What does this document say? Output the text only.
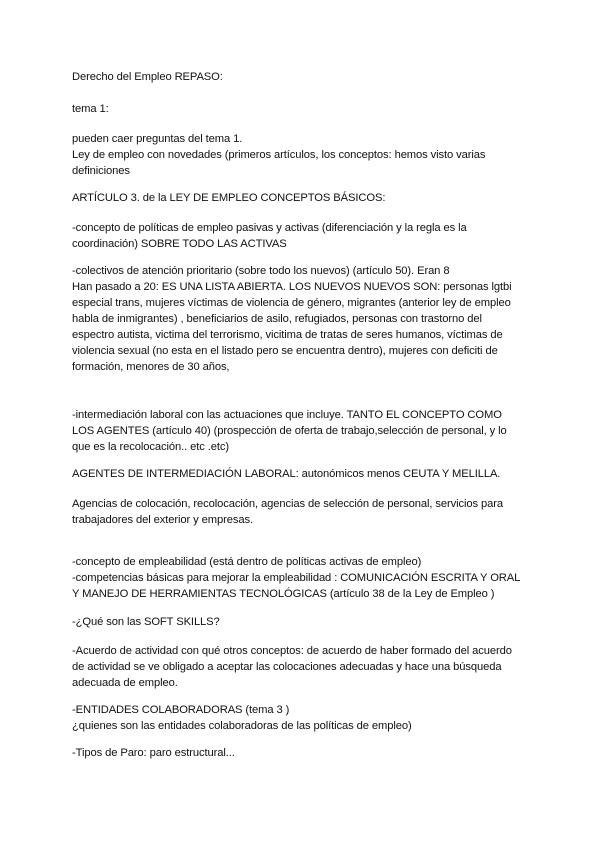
Derecho del Empleo REPASO:
tema 1:
pueden caer preguntas del tema 1.
Ley de empleo con novedades (primeros artículos, los conceptos: hemos visto varias
definiciones
ARTÍCULO 3. de la LEY DE EMPLEO CONCEPTOS BÁSICOS:
-concepto de políticas de empleo pasivas y activas (diferenciación y la regla es la
coordinación) SOBRE TODO LAS ACTIVAS
-colectivos de atención prioritario (sobre todo los nuevos) (artículo 50). Eran 8
Han pasado a 20: ES UNA LISTA ABIERTA. LOS NUEVOS NUEVOS SON: personas lgtbi
especial trans, mujeres víctimas de violencia de género, migrantes (anterior ley de empleo
habla de inmigrantes) , beneficiarios de asilo, refugiados, personas con trastorno del
espectro autista, victima del terrorismo, vicitima de tratas de seres humanos, víctimas de
violencia sexual (no esta en el listado pero se encuentra dentro), mujeres con deficiti de
formación, menores de 30 años,
-intermediación laboral con las actuaciones que incluye. TANTO EL CONCEPTO COMO
LOS AGENTES (artículo 40) (prospección de oferta de trabajo,selección de personal, y lo
que es la recolocación.. etc .etc)
AGENTES DE INTERMEDIACIÓN LABORAL: autonómicos menos CEUTA Y MELILLA.
Agencias de colocación, recolocación, agencias de selección de personal, servicios para
trabajadores del exterior y empresas.
-concepto de empleabilidad (está dentro de políticas activas de empleo)
-competencias básicas para mejorar la empleabilidad : COMUNICACIÓN ESCRITA Y ORAL
Y MANEJO DE HERRAMIENTAS TECNOLÓGICAS (artículo 38 de la Ley de Empleo )
-¿Qué son las SOFT SKILLS?
-Acuerdo de actividad con qué otros conceptos: de acuerdo de haber formado del acuerdo
de actividad se ve obligado a aceptar las colocaciones adecuadas y hace una búsqueda
adecuada de empleo.
-ENTIDADES COLABORADORAS (tema 3 )
¿quienes son las entidades colaboradoras de las políticas de empleo)
-Tipos de Paro: paro estructural...
